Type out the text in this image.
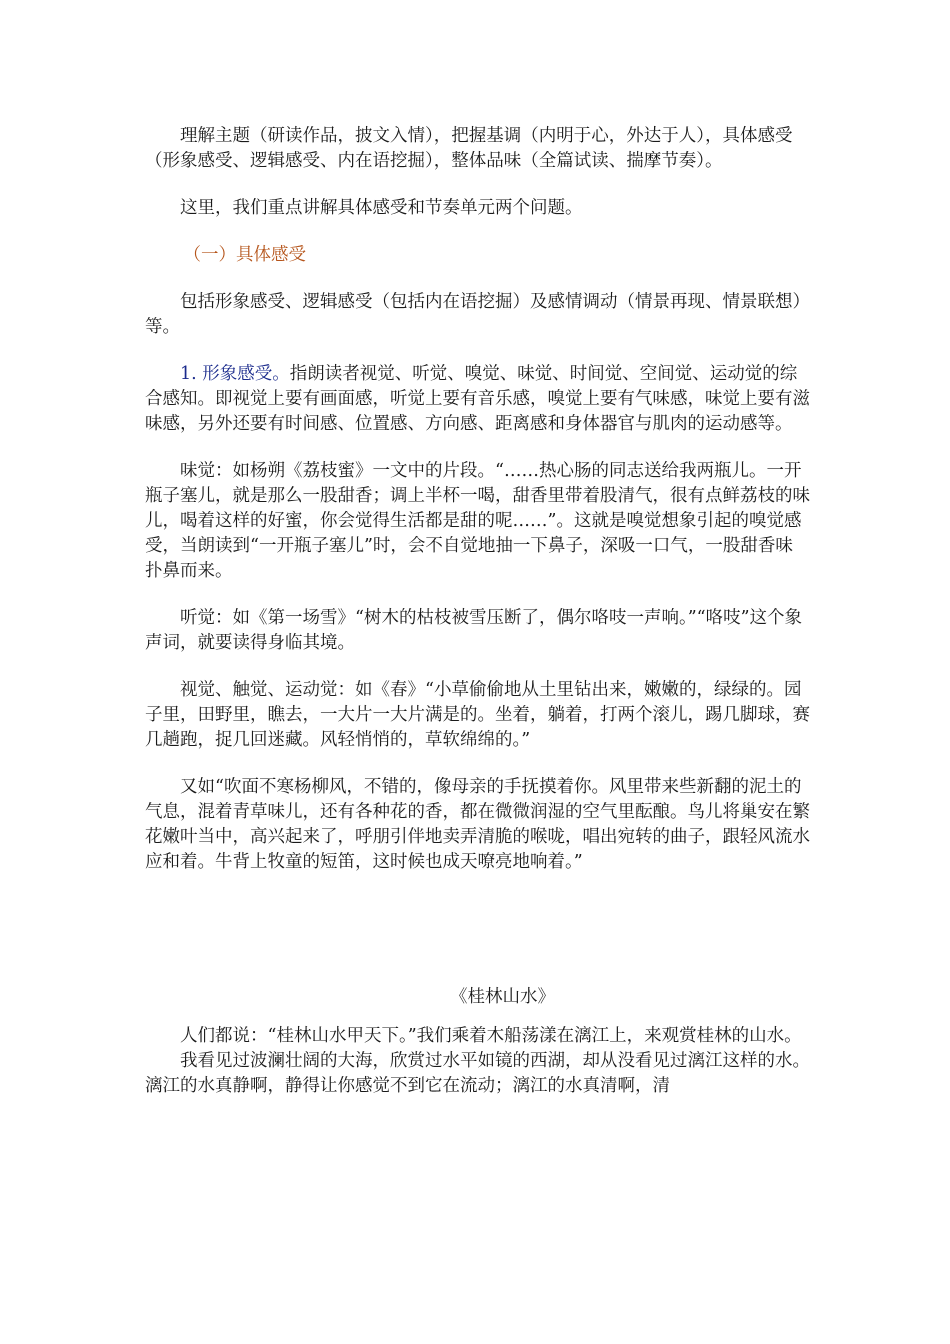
理解主题（研读作品，披文入情），把握基调（内明于心，外达于人），具体感受（形象感受、逻辑感受、内在语挖掘），整体品味（全篇试读、揣摩节奏）。

这里，我们重点讲解具体感受和节奏单元两个问题。

（一）具体感受

包括形象感受、逻辑感受（包括内在语挖掘）及感情调动（情景再现、情景联想）等。

1. 形象感受。指朗读者视觉、听觉、嗅觉、味觉、时间觉、空间觉、运动觉的综合感知。即视觉上要有画面感，听觉上要有音乐感，嗅觉上要有气味感，味觉上要有滋味感，另外还要有时间感、位置感、方向感、距离感和身体器官与肌肉的运动感等。

味觉：如杨朔《荔枝蜜》一文中的片段。“……热心肠的同志送给我两瓶儿。一开瓶子塞儿，就是那么一股甜香；调上半杯一喝，甜香里带着股清气，很有点鲜荔枝的味儿，喝着这样的好蜜，你会觉得生活都是甜的呢……”。这就是嗅觉想象引起的嗅觉感受，当朗读到“一开瓶子塞儿”时，会不自觉地抽一下鼻子，深吸一口气，一股甜香味扑鼻而来。

听觉：如《第一场雪》“树木的枯枝被雪压断了，偶尔咯吱一声响。”“咯吱”这个象声词，就要读得身临其境。

视觉、触觉、运动觉：如《春》“小草偷偷地从土里钻出来，嫩嫩的，绿绿的。园子里，田野里，瞧去，一大片一大片满是的。坐着，躺着，打两个滚儿，踢几脚球，赛几趟跑，捉几回迷藏。风轻悄悄的，草软绵绵的。”

又如“吹面不寒杨柳风，不错的，像母亲的手抚摸着你。风里带来些新翻的泥土的气息，混着青草味儿，还有各种花的香，都在微微润湿的空气里酝酿。鸟儿将巢安在繁花嫩叶当中，高兴起来了，呼朋引伴地卖弄清脆的喉咙，唱出宛转的曲子，跟轻风流水应和着。牛背上牧童的短笛，这时候也成天嘹亮地响着。”

《桂林山水》

人们都说：“桂林山水甲天下。”我们乘着木船荡漾在漓江上，来观赏桂林的山水。

我看见过波澜壮阔的大海，欣赏过水平如镜的西湖，却从没看见过漓江这样的水。漓江的水真静啊，静得让你感觉不到它在流动；漓江的水真清啊，清
